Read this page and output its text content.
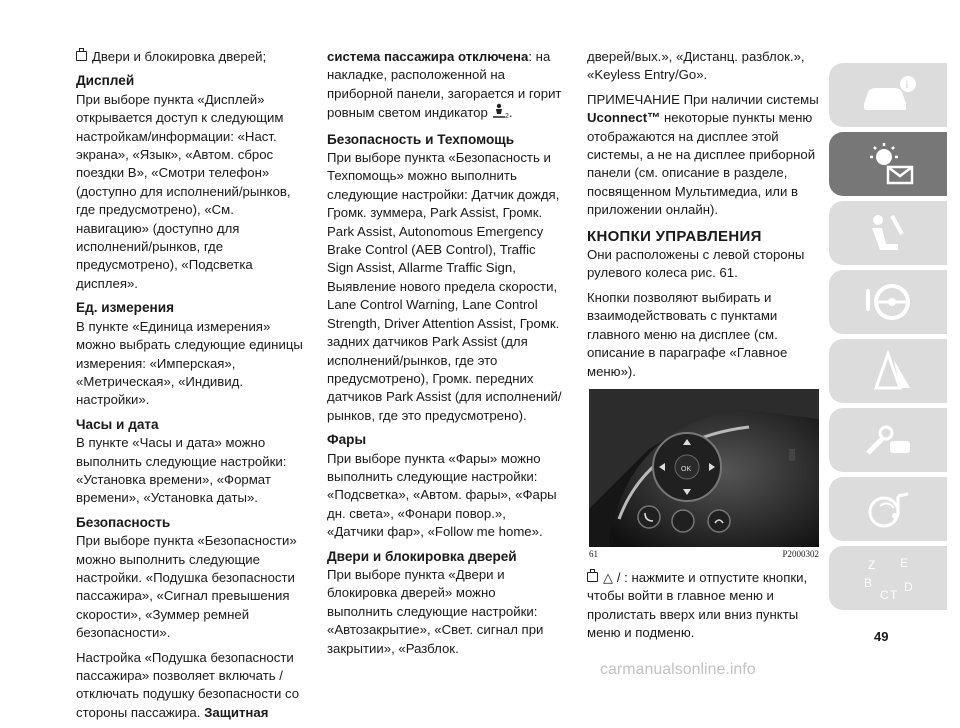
Двери и блокировка дверей;

Дисплей

При выборе пункта «Дисплей» открывается доступ к следующим настройкам/информации: «Наст. экрана», «Язык», «Автом. сброс поездки B», «Смотри телефон» (доступно для исполнений/рынков, где предусмотрено), «См. навигацию» (доступно для исполнений/рынков, где предусмотрено), «Подсветка дисплея».

Ед. измерения

В пункте «Единица измерения» можно выбрать следующие единицы измерения: «Имперская», «Метрическая», «Индивид. настройки».

Часы и дата

В пункте «Часы и дата» можно выполнить следующие настройки: «Установка времени», «Формат времени», «Установка даты».

Безопасность

При выборе пункта «Безопасности» можно выполнить следующие настройки. «Подушка безопасности пассажира», «Сигнал превышения скорости», «Зуммер ремней безопасности».

Настройка «Подушка безопасности пассажира» позволяет включать / отключать подушку безопасности со стороны пассажира. Защитная

система пассажира отключена: на накладке, расположенной на приборной панели, загорается и горит ровным светом индикатор 2 .

Безопасность и Техпомощь

При выборе пункта «Безопасность и Техпомощь» можно выполнить следующие настройки: Датчик дождя, Громк. зуммера, Park Assist, Громк. Park Assist, Autonomous Emergency Brake Control (AEB Control), Traffic Sign Assist, Allarme Traffic Sign, Выявление нового предела скорости, Lane Control Warning, Lane Control Strength, Driver Attention Assist, Громк. задних датчиков Park Assist (для исполнений/рынков, где это предусмотрено), Громк. передних датчиков Park Assist (для исполнений/рынков, где это предусмотрено).

Фары

При выборе пункта «Фары» можно выполнить следующие настройки: «Подсветка», «Автом. фары», «Фары дн. света», «Фонари повор.», «Датчики фар», «Follow me home».

Двери и блокировка дверей

При выборе пункта «Двери и блокировка дверей» можно выполнить следующие настройки: «Автозакрытие», «Свет. сигнал при закрытии», «Разблок.

дверей/вых.», «Дистанц. разблок.», «Keyless Entry/Go».

ПРИМЕЧАНИЕ При наличии системы Uconnect™ некоторые пункты меню отображаются на дисплее этой системы, а не на дисплее приборной панели (см. описание в разделе, посвященном Мультимедиа, или в приложении онлайн).

КНОПКИ УПРАВЛЕНИЯ

Они расположены с левой стороны рулевого колеса рис. 61.

Кнопки позволяют выбирать и взаимодействовать с пунктами главного меню на дисплее (см. описание в параграфе «Главное меню»).

OK
61	P2000302

△ / : нажмите и отпустите кнопки, чтобы войти в главное меню и пролистать вверх или вниз пункты меню и подменю.

i
Z E
B
C T
D
49
carmanualsonline.info
